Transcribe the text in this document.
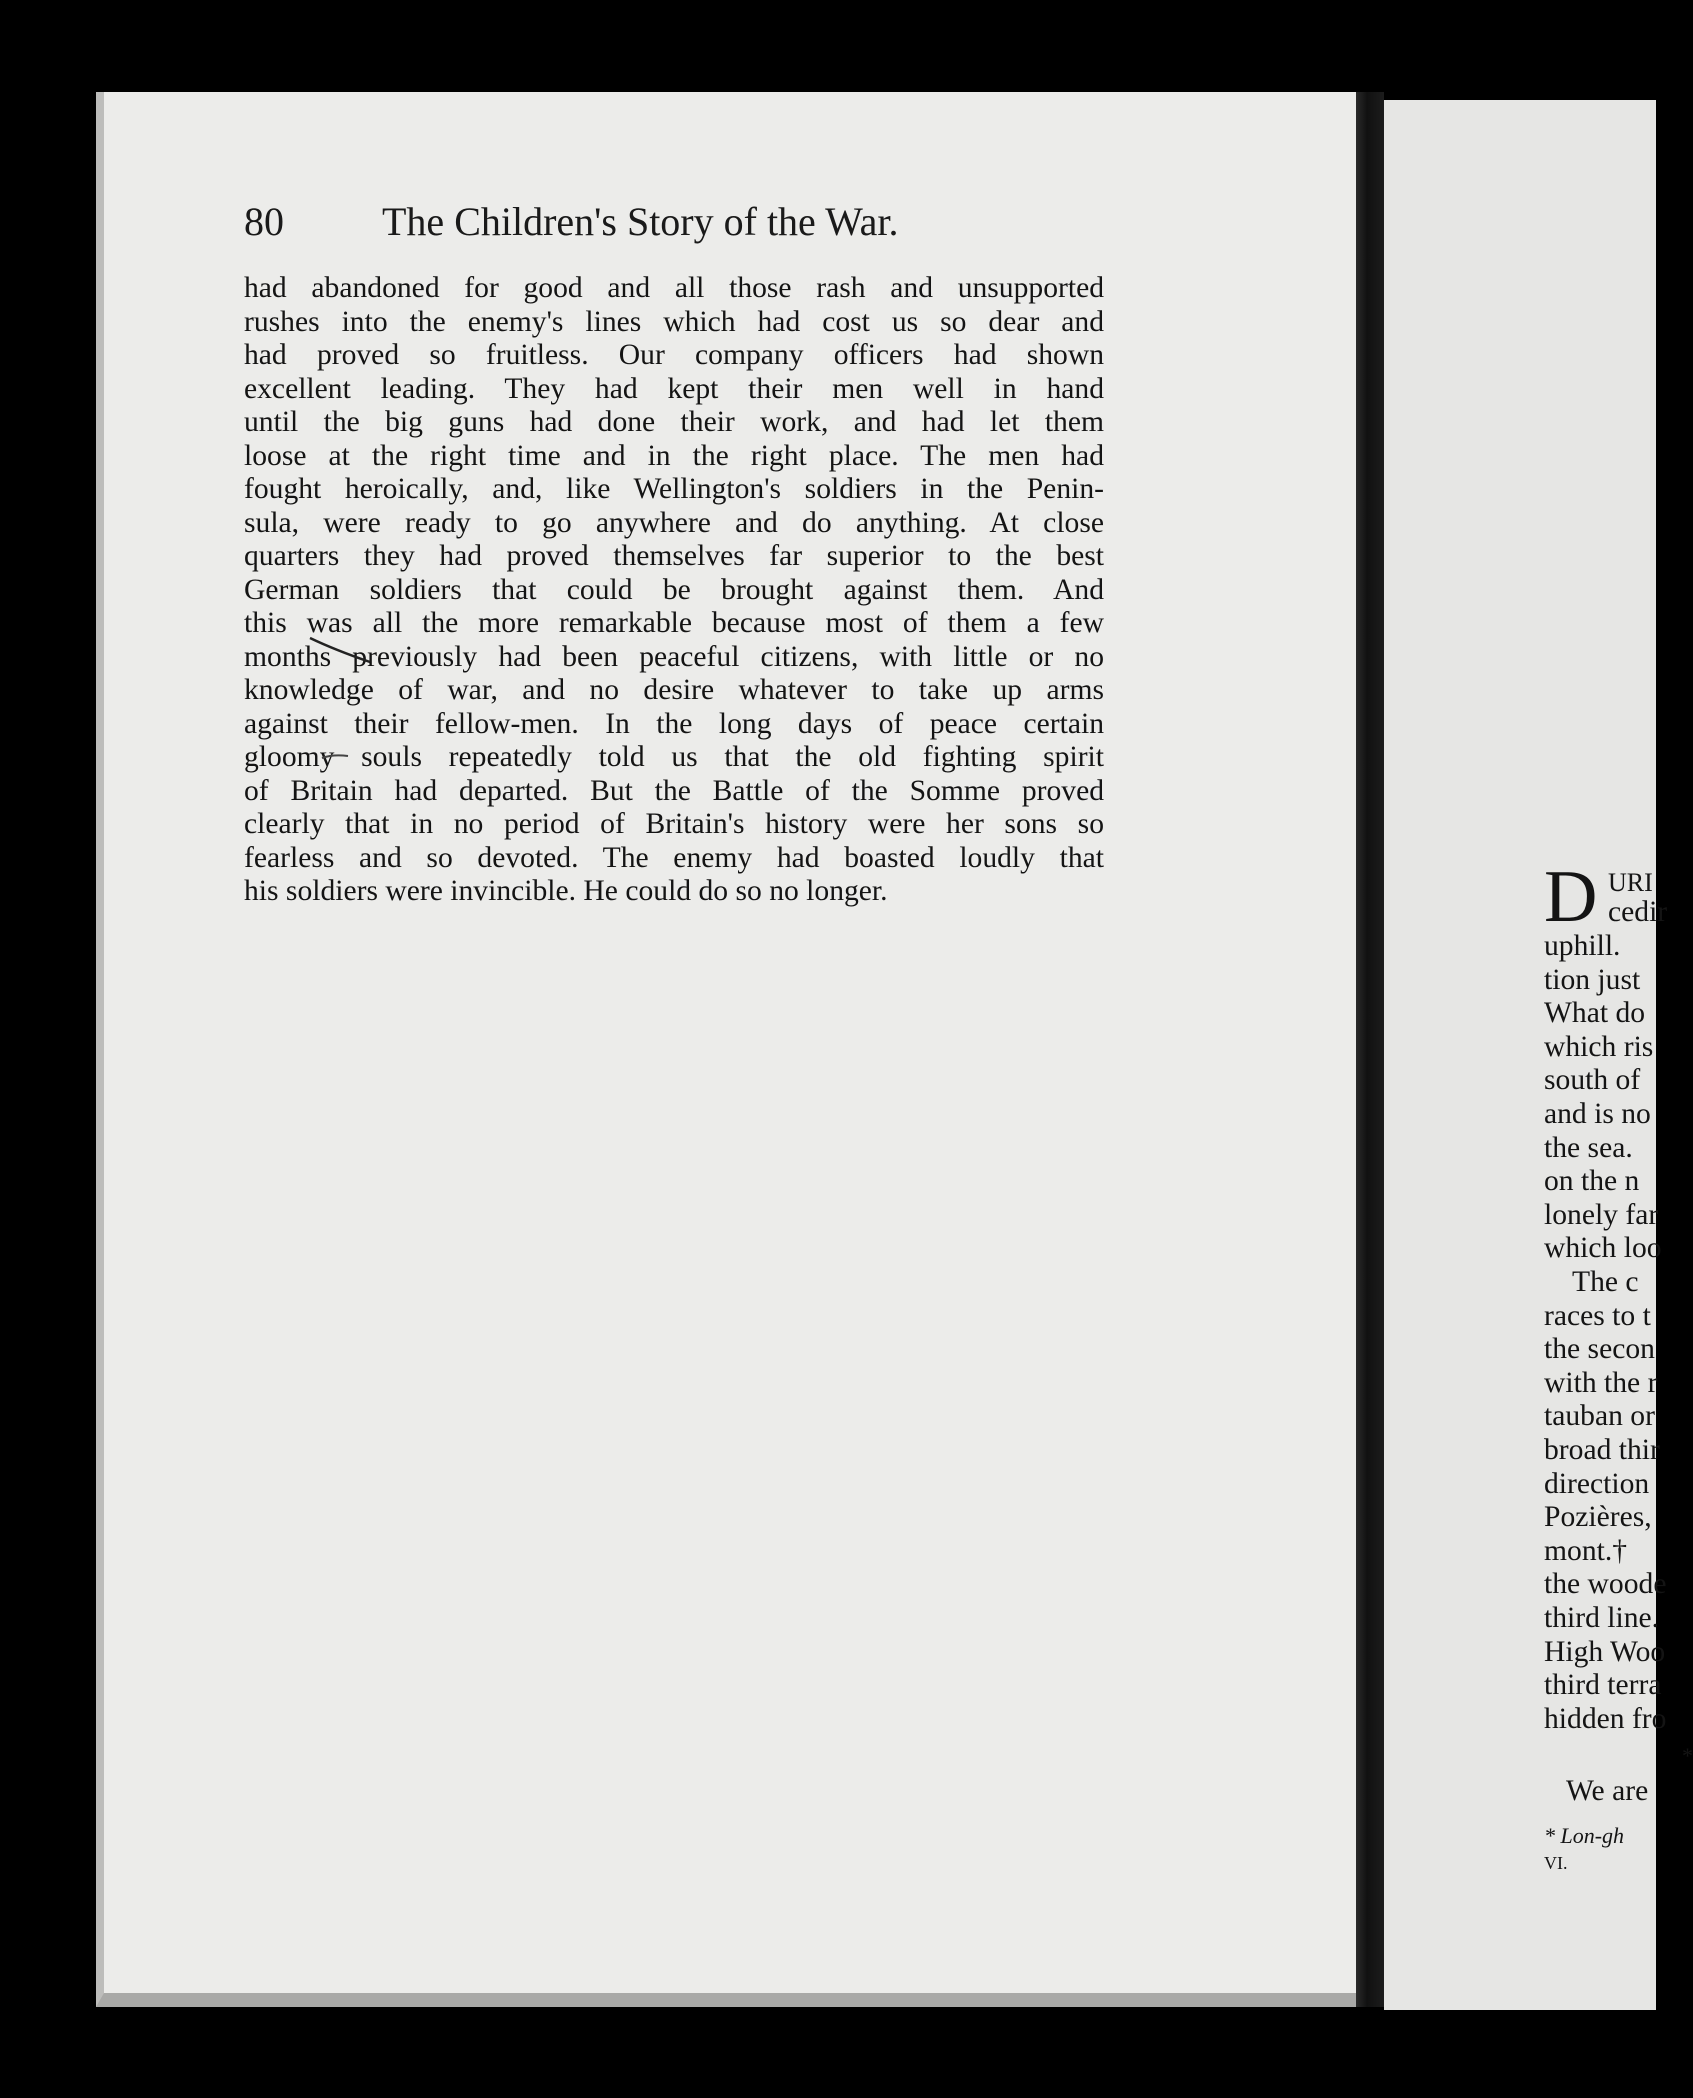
D URI
cedir
uphill.
tion just
What do
which ris
south of
and is no
the sea.
on the n
lonely far
which loo
The c
races to t
the secon
with the r
tauban or
broad thir
direction
Pozières,
mont.†
the woode
third line.
High Woo
third terra
hidden fro
*
We are
* Lon-gh
VI.
80 The Children's Story of the War.
had abandoned for good and all those rash and unsupported
rushes into the enemy's lines which had cost us so dear and
had proved so fruitless. Our company officers had shown
excellent leading. They had kept their men well in hand
until the big guns had done their work, and had let them
loose at the right time and in the right place. The men had
fought heroically, and, like Wellington's soldiers in the Penin-
sula, were ready to go anywhere and do anything. At close
quarters they had proved themselves far superior to the best
German soldiers that could be brought against them. And
this was all the more remarkable because most of them a few
months previously had been peaceful citizens, with little or no
knowledge of war, and no desire whatever to take up arms
against their fellow-men. In the long days of peace certain
gloomy souls repeatedly told us that the old fighting spirit
of Britain had departed. But the Battle of the Somme proved
clearly that in no period of Britain's history were her sons so
fearless and so devoted. The enemy had boasted loudly that
his soldiers were invincible. He could do so no longer.
